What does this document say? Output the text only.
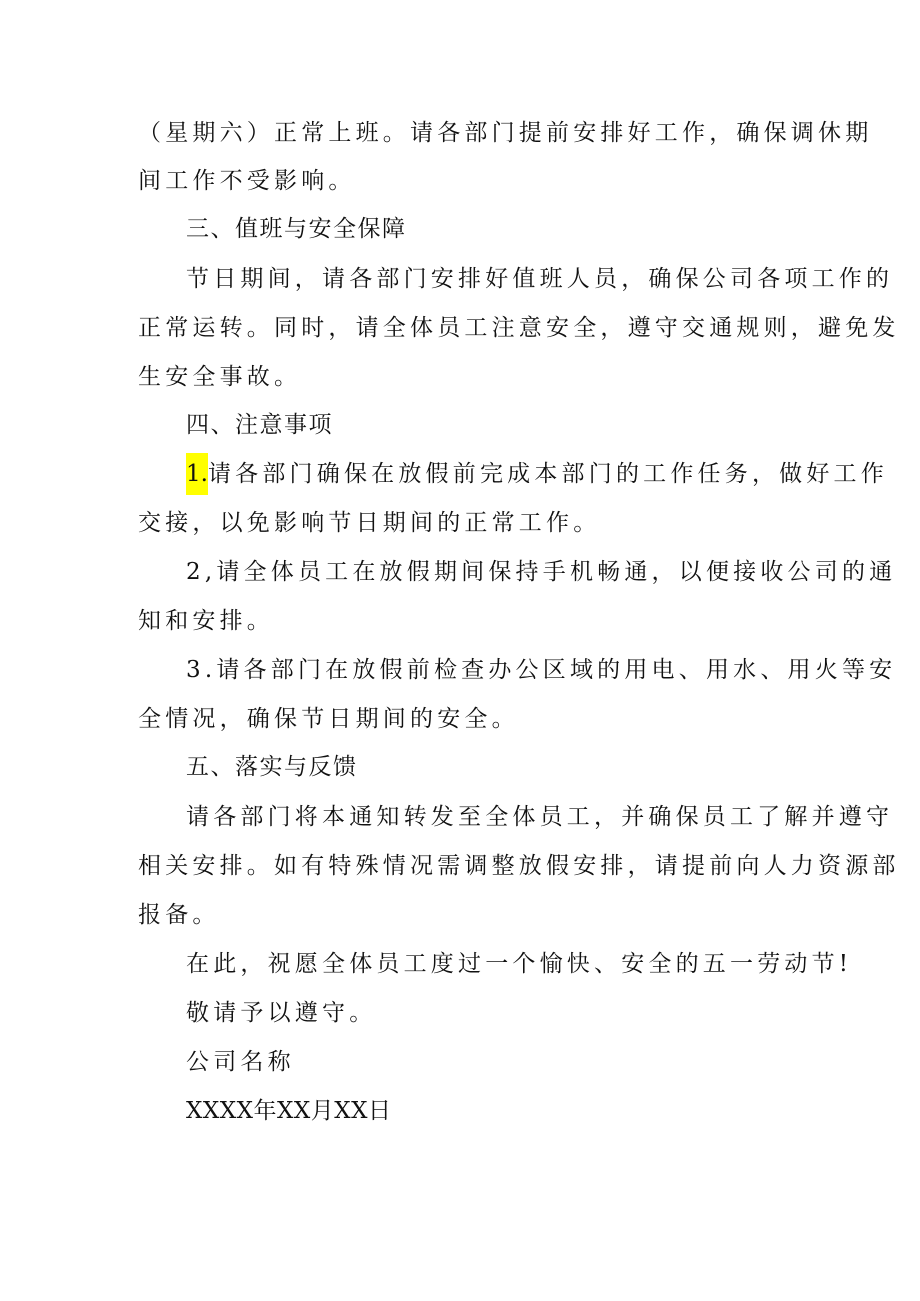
（星期六）正常上班。请各部门提前安排好工作，确保调休期
间工作不受影响。
三、值班与安全保障
节日期间，请各部门安排好值班人员，确保公司各项工作的
正常运转。同时，请全体员工注意安全，遵守交通规则，避免发
生安全事故。
四、注意事项
1.请各部门确保在放假前完成本部门的工作任务，做好工作
交接，以免影响节日期间的正常工作。
2,请全体员工在放假期间保持手机畅通，以便接收公司的通
知和安排。
3.请各部门在放假前检查办公区域的用电、用水、用火等安
全情况，确保节日期间的安全。
五、落实与反馈
请各部门将本通知转发至全体员工，并确保员工了解并遵守
相关安排。如有特殊情况需调整放假安排，请提前向人力资源部
报备。
在此，祝愿全体员工度过一个愉快、安全的五一劳动节!
敬请予以遵守。
公司名称
XXXX年XX月XX日
